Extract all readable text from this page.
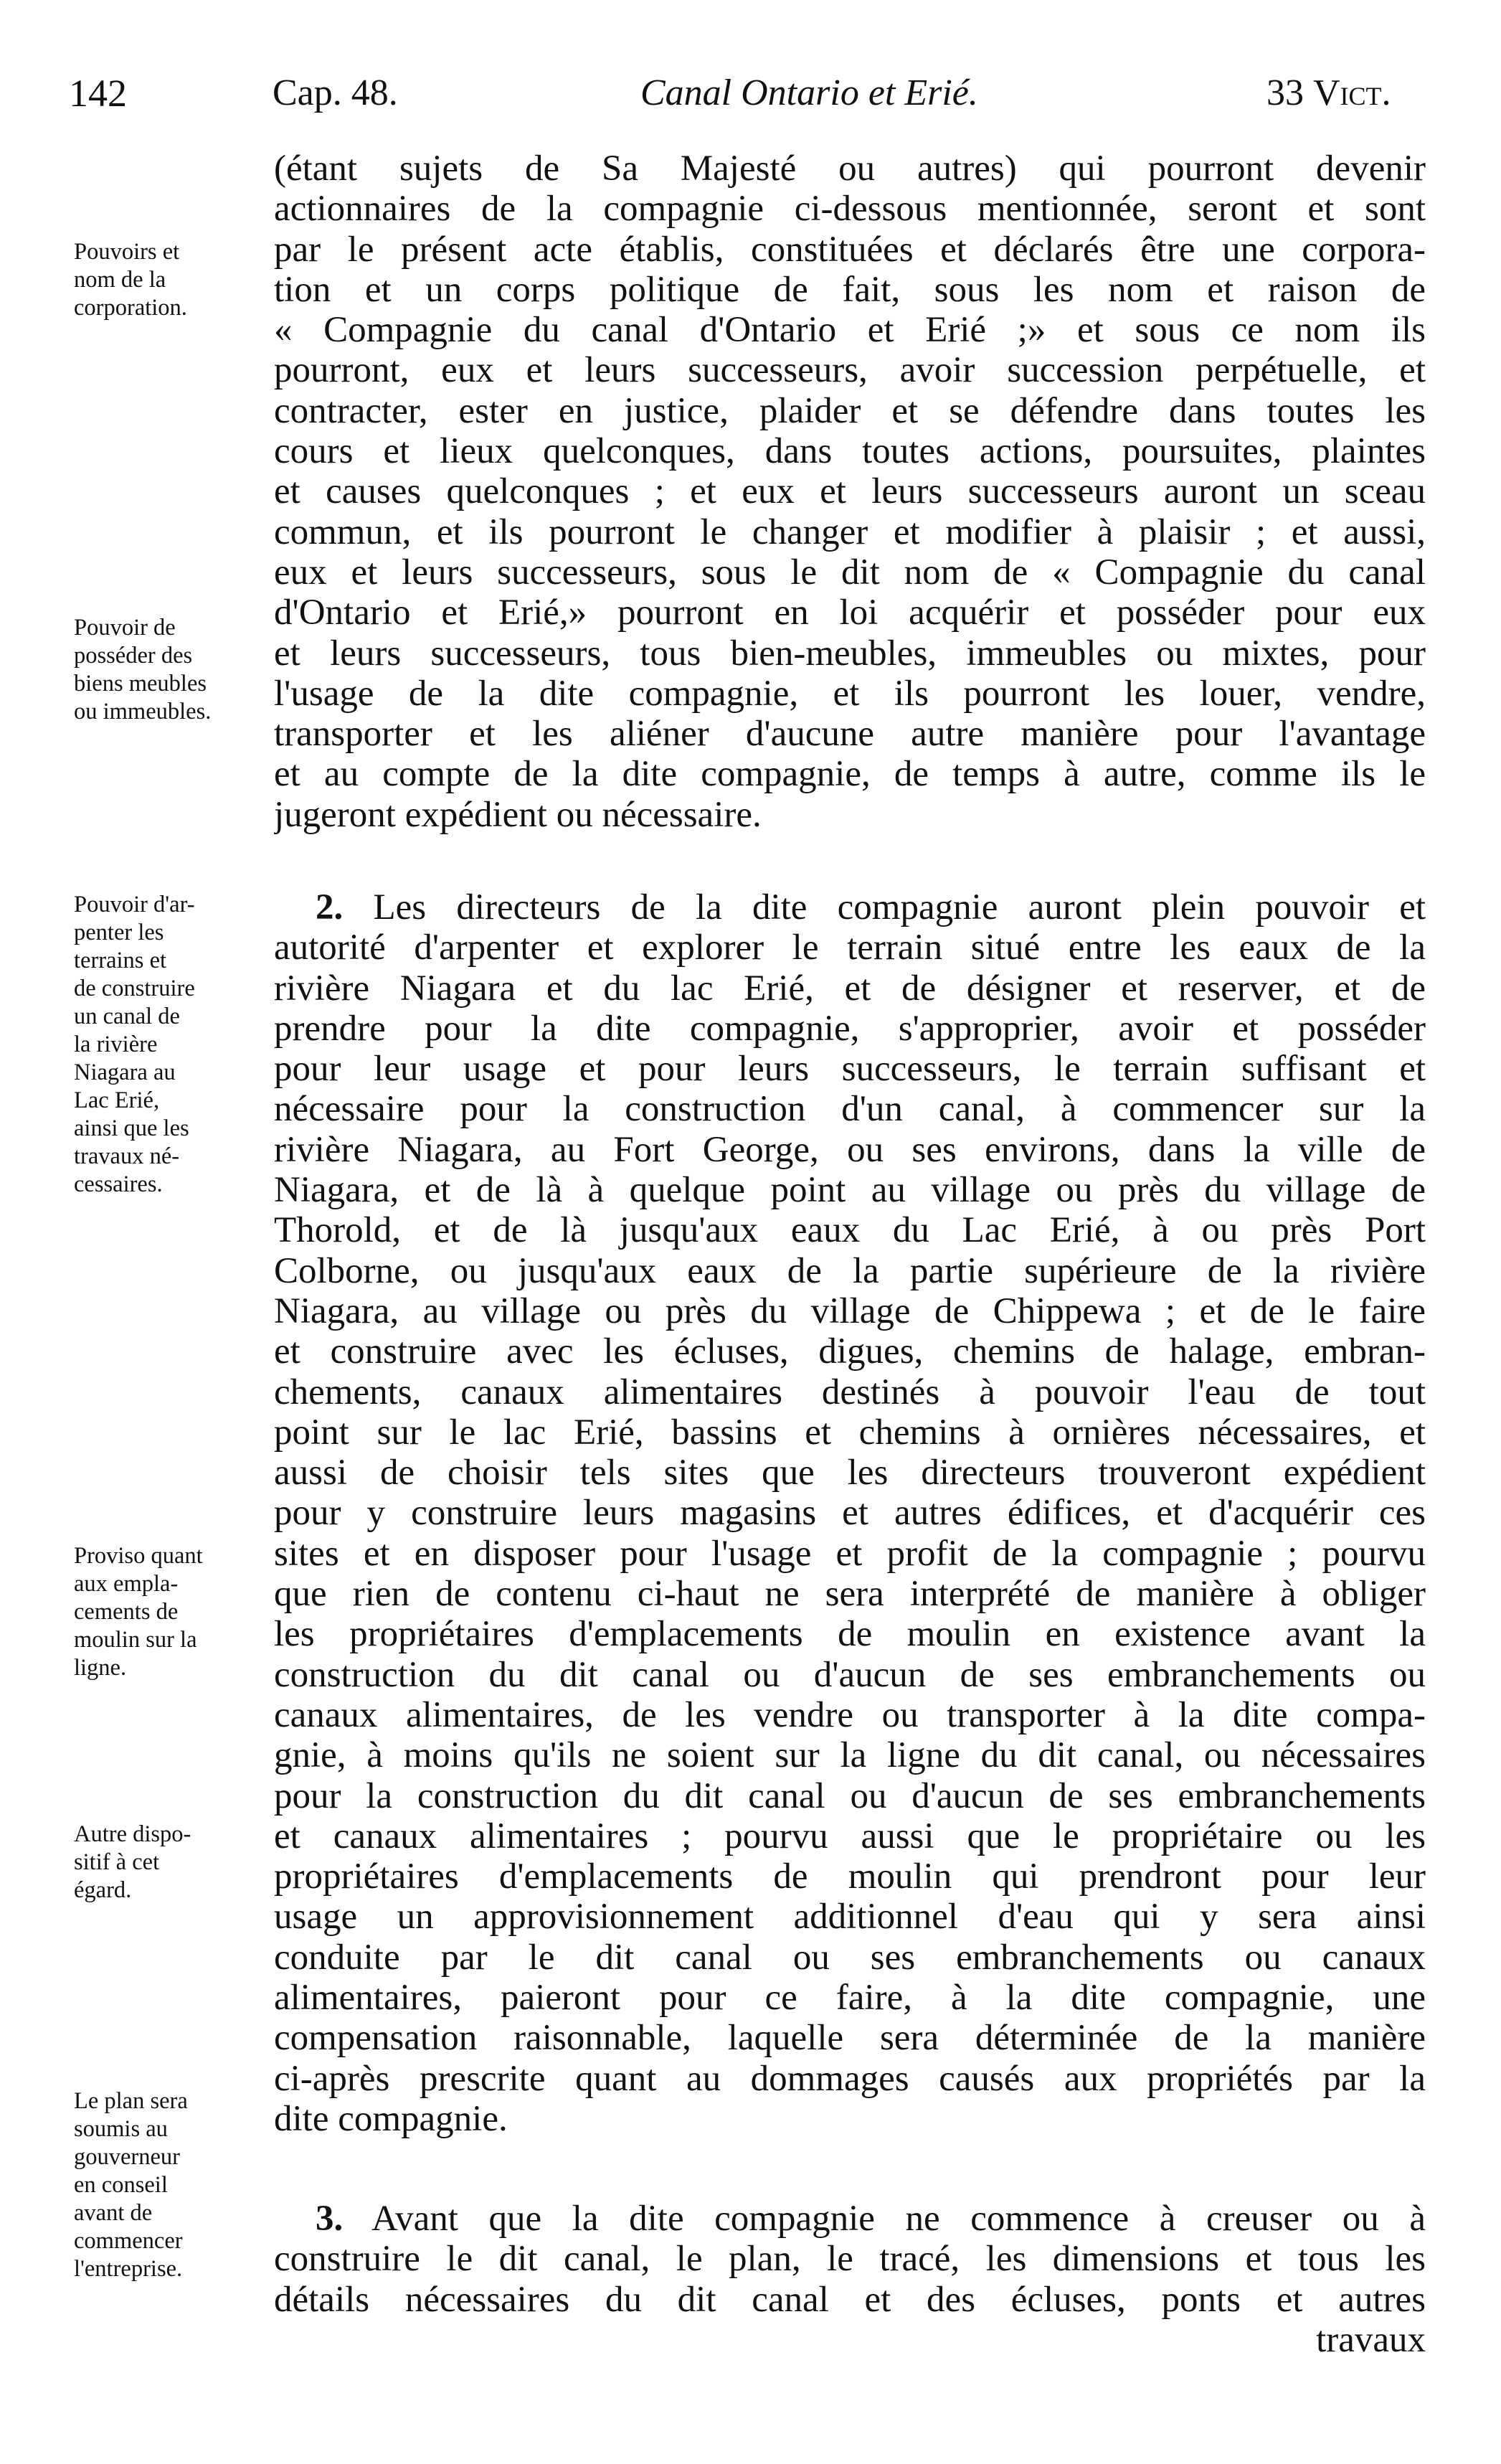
142	Cap. 48.	Canal Ontario et Erié.	33 Vict.
Pouvoirs et
nom de la
corporation.
Pouvoir de
posséder des
biens meubles
ou immeubles.
Pouvoir d'ar-
penter les
terrains et
de construire
un canal de
la rivière
Niagara au
Lac Erié,
ainsi que les
travaux né-
cessaires.
Proviso quant
aux empla-
cements de
moulin sur la
ligne.
Autre dispo-
sitif à cet
égard.
Le plan sera
soumis au
gouverneur
en conseil
avant de
commencer
l'entreprise.
(étant sujets de Sa Majesté ou autres) qui pourront devenir
actionnaires de la compagnie ci-dessous mentionnée, seront et sont
par le présent acte établis, constituées et déclarés être une corpora-
tion et un corps politique de fait, sous les nom et raison de
« Compagnie du canal d'Ontario et Erié ;» et sous ce nom ils
pourront, eux et leurs successeurs, avoir succession perpétuelle, et
contracter, ester en justice, plaider et se défendre dans toutes les
cours et lieux quelconques, dans toutes actions, poursuites, plaintes
et causes quelconques ; et eux et leurs successeurs auront un sceau
commun, et ils pourront le changer et modifier à plaisir ; et aussi,
eux et leurs successeurs, sous le dit nom de « Compagnie du canal
d'Ontario et Erié,» pourront en loi acquérir et posséder pour eux
et leurs successeurs, tous bien-meubles, immeubles ou mixtes, pour
l'usage de la dite compagnie, et ils pourront les louer, vendre,
transporter et les aliéner d'aucune autre manière pour l'avantage
et au compte de la dite compagnie, de temps à autre, comme ils le
jugeront expédient ou nécessaire.
2. Les directeurs de la dite compagnie auront plein pouvoir et
autorité d'arpenter et explorer le terrain situé entre les eaux de la
rivière Niagara et du lac Erié, et de désigner et reserver, et de
prendre pour la dite compagnie, s'approprier, avoir et posséder
pour leur usage et pour leurs successeurs, le terrain suffisant et
nécessaire pour la construction d'un canal, à commencer sur la
rivière Niagara, au Fort George, ou ses environs, dans la ville de
Niagara, et de là à quelque point au village ou près du village de
Thorold, et de là jusqu'aux eaux du Lac Erié, à ou près Port
Colborne, ou jusqu'aux eaux de la partie supérieure de la rivière
Niagara, au village ou près du village de Chippewa ; et de le faire
et construire avec les écluses, digues, chemins de halage, embran-
chements, canaux alimentaires destinés à pouvoir l'eau de tout
point sur le lac Erié, bassins et chemins à ornières nécessaires, et
aussi de choisir tels sites que les directeurs trouveront expédient
pour y construire leurs magasins et autres édifices, et d'acquérir ces
sites et en disposer pour l'usage et profit de la compagnie ; pourvu
que rien de contenu ci-haut ne sera interprété de manière à obliger
les propriétaires d'emplacements de moulin en existence avant la
construction du dit canal ou d'aucun de ses embranchements ou
canaux alimentaires, de les vendre ou transporter à la dite compa-
gnie, à moins qu'ils ne soient sur la ligne du dit canal, ou nécessaires
pour la construction du dit canal ou d'aucun de ses embranchements
et canaux alimentaires ; pourvu aussi que le propriétaire ou les
propriétaires d'emplacements de moulin qui prendront pour leur
usage un approvisionnement additionnel d'eau qui y sera ainsi
conduite par le dit canal ou ses embranchements ou canaux
alimentaires, paieront pour ce faire, à la dite compagnie, une
compensation raisonnable, laquelle sera déterminée de la manière
ci-après prescrite quant au dommages causés aux propriétés par la
dite compagnie.
3. Avant que la dite compagnie ne commence à creuser ou à
construire le dit canal, le plan, le tracé, les dimensions et tous les
détails nécessaires du dit canal et des écluses, ponts et autres
travaux
